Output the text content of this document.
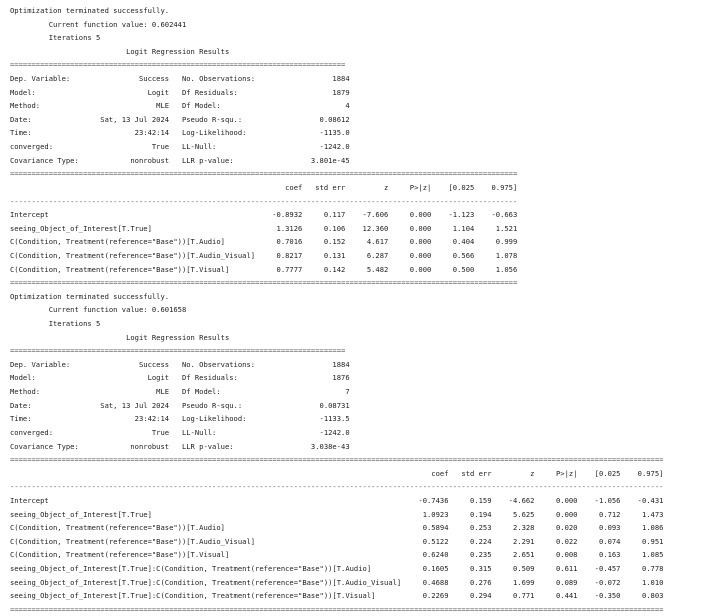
Optimization terminated successfully.
Current function value: 0.602441
Iterations 5
Logit Regression Results
==============================================================================
Dep. Variable:                Success   No. Observations:                  1884
Model:                          Logit   Df Residuals:                      1879
Method:                           MLE   Df Model:                             4
Date:                Sat, 13 Jul 2024   Pseudo R-squ.:                  0.08612
Time:                        23:42:14   Log-Likelihood:                 -1135.0
converged:                       True   LL-Null:                        -1242.0
Covariance Type:            nonrobust   LLR p-value:                  3.801e-45
======================================================================================================================
coef   std err         z     P>|z|    [0.025    0.975]
----------------------------------------------------------------------------------------------------------------------
Intercept                                                    -0.8932     0.117    -7.606     0.000    -1.123    -0.663
seeing_Object_of_Interest[T.True]                             1.3126     0.106    12.360     0.000     1.104     1.521
C(Condition, Treatment(reference="Base"))[T.Audio]            0.7016     0.152     4.617     0.000     0.404     0.999
C(Condition, Treatment(reference="Base"))[T.Audio_Visual]     0.8217     0.131     6.287     0.000     0.566     1.078
C(Condition, Treatment(reference="Base"))[T.Visual]           0.7777     0.142     5.482     0.000     0.500     1.056
======================================================================================================================
Optimization terminated successfully.
Current function value: 0.601658
Iterations 5
Logit Regression Results
==============================================================================
Dep. Variable:                Success   No. Observations:                  1884
Model:                          Logit   Df Residuals:                      1876
Method:                           MLE   Df Model:                             7
Date:                Sat, 13 Jul 2024   Pseudo R-squ.:                  0.08731
Time:                        23:42:14   Log-Likelihood:                 -1133.5
converged:                       True   LL-Null:                        -1242.0
Covariance Type:            nonrobust   LLR p-value:                  3.038e-43
========================================================================================================================================================
coef   std err         z     P>|z|    [0.025    0.975]
--------------------------------------------------------------------------------------------------------------------------------------------------------
Intercept                                                                                      -0.7436     0.159    -4.662     0.000    -1.056    -0.431
seeing_Object_of_Interest[T.True]                                                               1.0923     0.194     5.625     0.000     0.712     1.473
C(Condition, Treatment(reference="Base"))[T.Audio]                                              0.5894     0.253     2.328     0.020     0.093     1.086
C(Condition, Treatment(reference="Base"))[T.Audio_Visual]                                       0.5122     0.224     2.291     0.022     0.074     0.951
C(Condition, Treatment(reference="Base"))[T.Visual]                                             0.6240     0.235     2.651     0.008     0.163     1.085
seeing_Object_of_Interest[T.True]:C(Condition, Treatment(reference="Base"))[T.Audio]            0.1605     0.315     0.509     0.611    -0.457     0.778
seeing_Object_of_Interest[T.True]:C(Condition, Treatment(reference="Base"))[T.Audio_Visual]     0.4688     0.276     1.699     0.089    -0.072     1.010
seeing_Object_of_Interest[T.True]:C(Condition, Treatment(reference="Base"))[T.Visual]           0.2269     0.294     0.771     0.441    -0.350     0.803
========================================================================================================================================================
